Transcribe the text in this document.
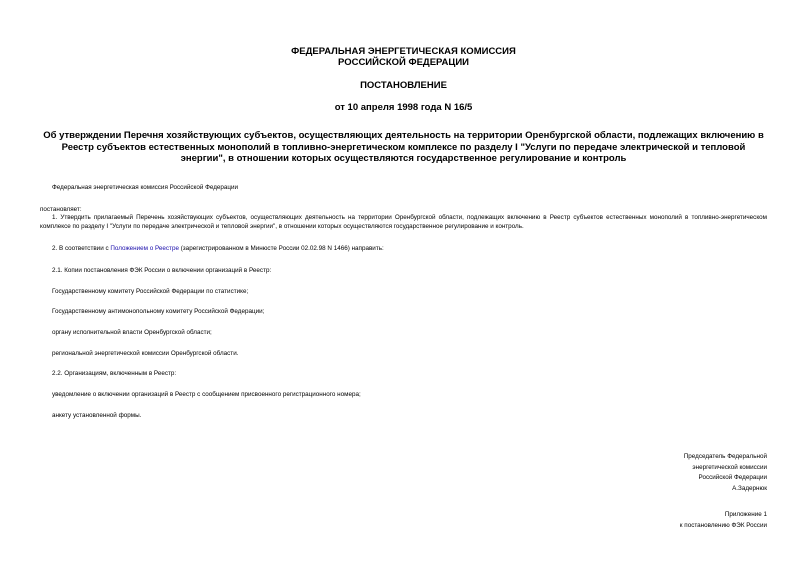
ФЕДЕРАЛЬНАЯ ЭНЕРГЕТИЧЕСКАЯ КОМИССИЯ
РОССИЙСКОЙ ФЕДЕРАЦИИ
ПОСТАНОВЛЕНИЕ
от 10 апреля 1998 года N 16/5
Об утверждении Перечня хозяйствующих субъектов, осуществляющих деятельность на территории Оренбургской области, подлежащих включению в Реестр субъектов естественных монополий в топливно-энергетическом комплексе по разделу I "Услуги по передаче электрической и тепловой энергии", в отношении которых осуществляются государственное регулирование и контроль
Федеральная энергетическая комиссия Российской Федерации
постановляет:
1. Утвердить прилагаемый Перечень хозяйствующих субъектов, осуществляющих деятельность на территории Оренбургской области, подлежащих включению в Реестр субъектов естественных монополий в топливно-энергетическом комплексе по разделу I "Услуги по передаче электрической и тепловой энергии", в отношении которых осуществляются государственное регулирование и контроль.
2. В соответствии с Положением о Реестре (зарегистрированном в Минюсте России 02.02.98 N 1466) направить:
2.1. Копии постановления ФЭК России о включении организаций в Реестр:
Государственному комитету Российской Федерации по статистике;
Государственному антимонопольному комитету Российской Федерации;
органу исполнительной власти Оренбургской области;
региональной энергетической комиссии Оренбургской области.
2.2. Организациям, включенным в Реестр:
уведомление о включении организаций в Реестр с сообщением присвоенного регистрационного номера;
анкету установленной формы.
Председатель Федеральной
энергетической комиссии
Российской Федерации
А.Задернюк
Приложение 1
к постановлению ФЭК России
